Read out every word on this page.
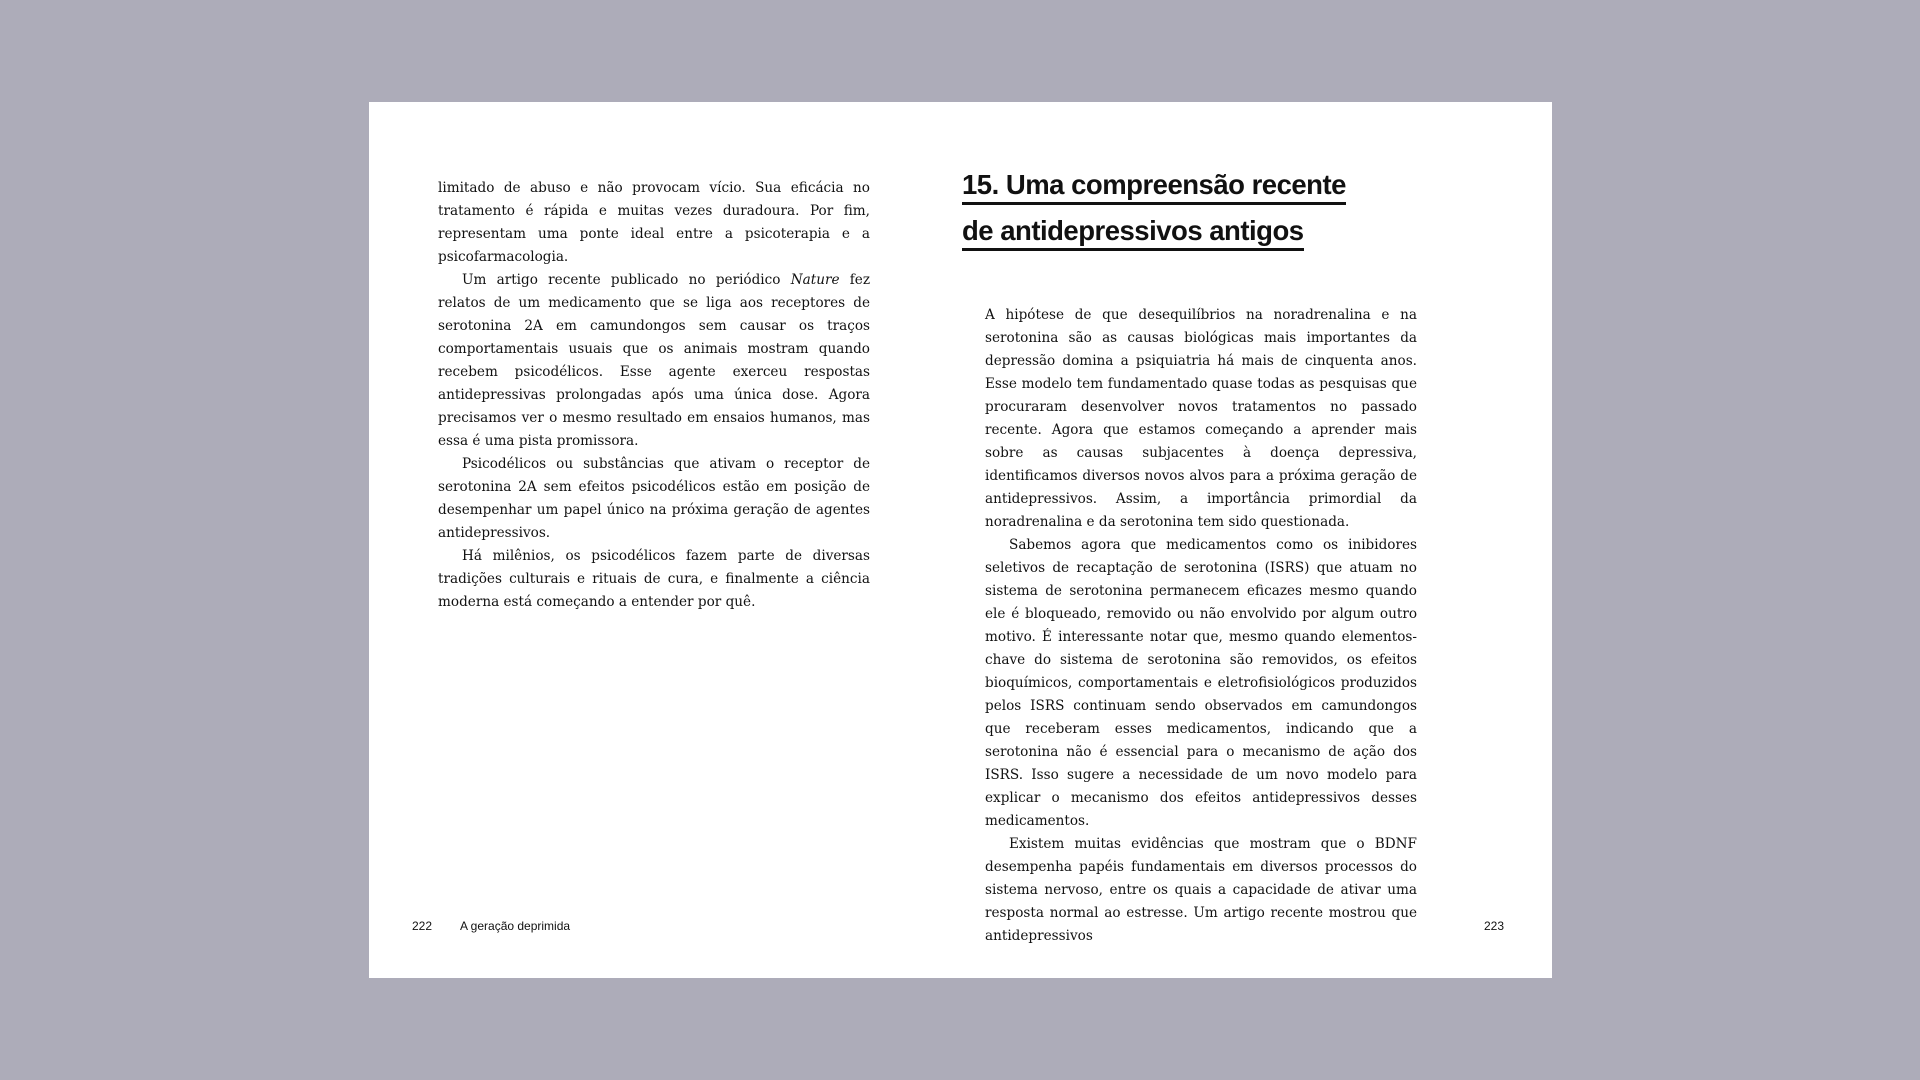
limitado de abuso e não provocam vício. Sua eficácia no tratamento é rápida e muitas vezes duradoura. Por fim, representam uma ponte ideal entre a psicoterapia e a psicofarmacologia.

Um artigo recente publicado no periódico Nature fez relatos de um medicamento que se liga aos receptores de serotonina 2A em camundongos sem causar os traços comportamentais usuais que os animais mostram quando recebem psicodélicos. Esse agente exerceu respostas antidepressivas prolongadas após uma única dose. Agora precisamos ver o mesmo resultado em ensaios humanos, mas essa é uma pista promissora.

Psicodélicos ou substâncias que ativam o receptor de serotonina 2A sem efeitos psicodélicos estão em posição de desempenhar um papel único na próxima geração de agentes antidepressivos.

Há milênios, os psicodélicos fazem parte de diversas tradições culturais e rituais de cura, e finalmente a ciência moderna está começando a entender por quê.

15. Uma compreensão recente
de antidepressivos antigos

A hipótese de que desequilíbrios na noradrenalina e na serotonina são as causas biológicas mais importantes da depressão domina a psiquiatria há mais de cinquenta anos. Esse modelo tem fundamentado quase todas as pesquisas que procuraram desenvolver novos tratamentos no passado recente. Agora que estamos começando a aprender mais sobre as causas subjacentes à doença depressiva, identificamos diversos novos alvos para a próxima geração de antidepressivos. Assim, a importância primordial da noradrenalina e da serotonina tem sido questionada.

Sabemos agora que medicamentos como os inibidores seletivos de recaptação de serotonina (ISRS) que atuam no sistema de serotonina permanecem eficazes mesmo quando ele é bloqueado, removido ou não envolvido por algum outro motivo. É interessante notar que, mesmo quando elementos-chave do sistema de serotonina são removidos, os efeitos bioquímicos, comportamentais e eletrofisiológicos produzidos pelos ISRS continuam sendo observados em camundongos que receberam esses medicamentos, indicando que a serotonina não é essencial para o mecanismo de ação dos ISRS. Isso sugere a necessidade de um novo modelo para explicar o mecanismo dos efeitos antidepressivos desses medicamentos.

Existem muitas evidências que mostram que o BDNF desempenha papéis fundamentais em diversos processos do sistema nervoso, entre os quais a capacidade de ativar uma resposta normal ao estresse. Um artigo recente mostrou que antidepressivos

222 A geração deprimida	223
